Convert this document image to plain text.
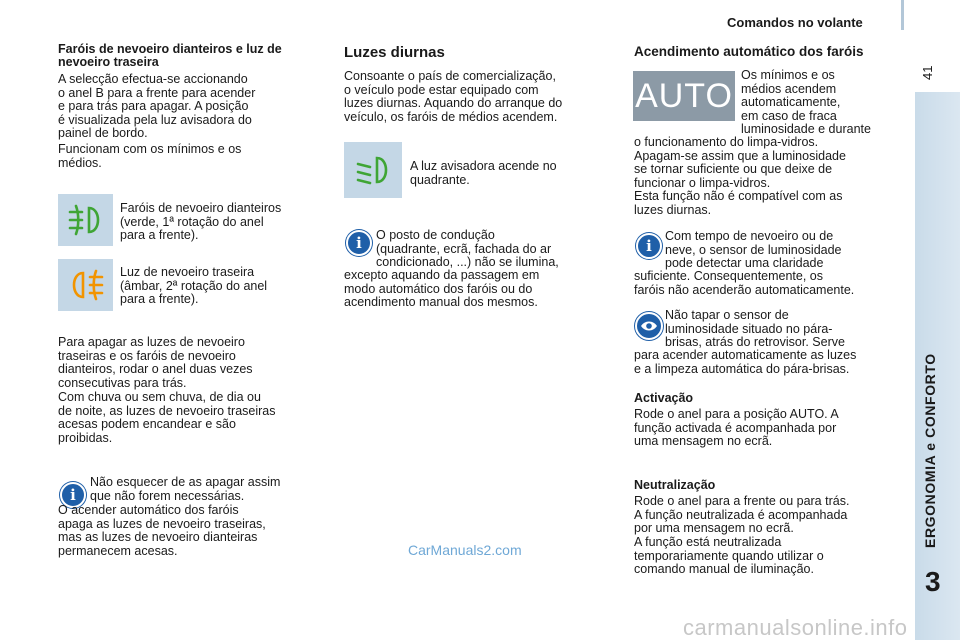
Comandos no volante
41
ERGONOMIA e CONFORTO
3
Faróis de nevoeiro dianteiros e luz de nevoeiro traseira
A selecção efectua-se accionando
o anel B para a frente para acender
e para trás para apagar. A posição
é visualizada pela luz avisadora do
painel de bordo.
Funcionam com os mínimos e os
médios.
Faróis de nevoeiro dianteiros
(verde, 1ª rotação do anel
para a frente).
Luz de nevoeiro traseira
(âmbar, 2ª rotação do anel
para a frente).
Para apagar as luzes de nevoeiro
traseiras e os faróis de nevoeiro
dianteiros, rodar o anel duas vezes
consecutivas para trás.
Com chuva ou sem chuva, de dia ou
de noite, as luzes de nevoeiro traseiras
acesas podem encandear e são
proibidas.
i
Não esquecer de as apagar assim
que não forem necessárias.
O acender automático dos faróis
apaga as luzes de nevoeiro traseiras,
mas as luzes de nevoeiro dianteiras
permanecem acesas.
Luzes diurnas
Consoante o país de comercialização,
o veículo pode estar equipado com
luzes diurnas. Aquando do arranque do
veículo, os faróis de médios acendem.
A luz avisadora acende no
quadrante.
i	O posto de condução
(quadrante, ecrã, fachada do ar
condicionado, ...) não se ilumina,
excepto aquando da passagem em
modo automático dos faróis ou do
acendimento manual dos mesmos.
Acendimento automático dos faróis
AUTO
Os mínimos e os
médios acendem
automaticamente,
em caso de fraca
luminosidade e durante
o funcionamento do limpa-vidros.
Apagam-se assim que a luminosidade
se tornar suficiente ou que deixe de
funcionar o limpa-vidros.
Esta função não é compatível com as
luzes diurnas.
i
Com tempo de nevoeiro ou de
neve, o sensor de luminosidade
pode detectar uma claridade
suficiente. Consequentemente, os
faróis não acenderão automaticamente.
Não tapar o sensor de
luminosidade situado no pára-
brisas, atrás do retrovisor. Serve
para acender automaticamente as luzes
e a limpeza automática do pára-brisas.
Activação
Rode o anel para a posição AUTO. A
função activada é acompanhada por
uma mensagem no ecrã.
Neutralização
Rode o anel para a frente ou para trás.
A função neutralizada é acompanhada
por uma mensagem no ecrã.
A função está neutralizada
temporariamente quando utilizar o
comando manual de iluminação.
CarManuals2.com
carmanualsonline.info
